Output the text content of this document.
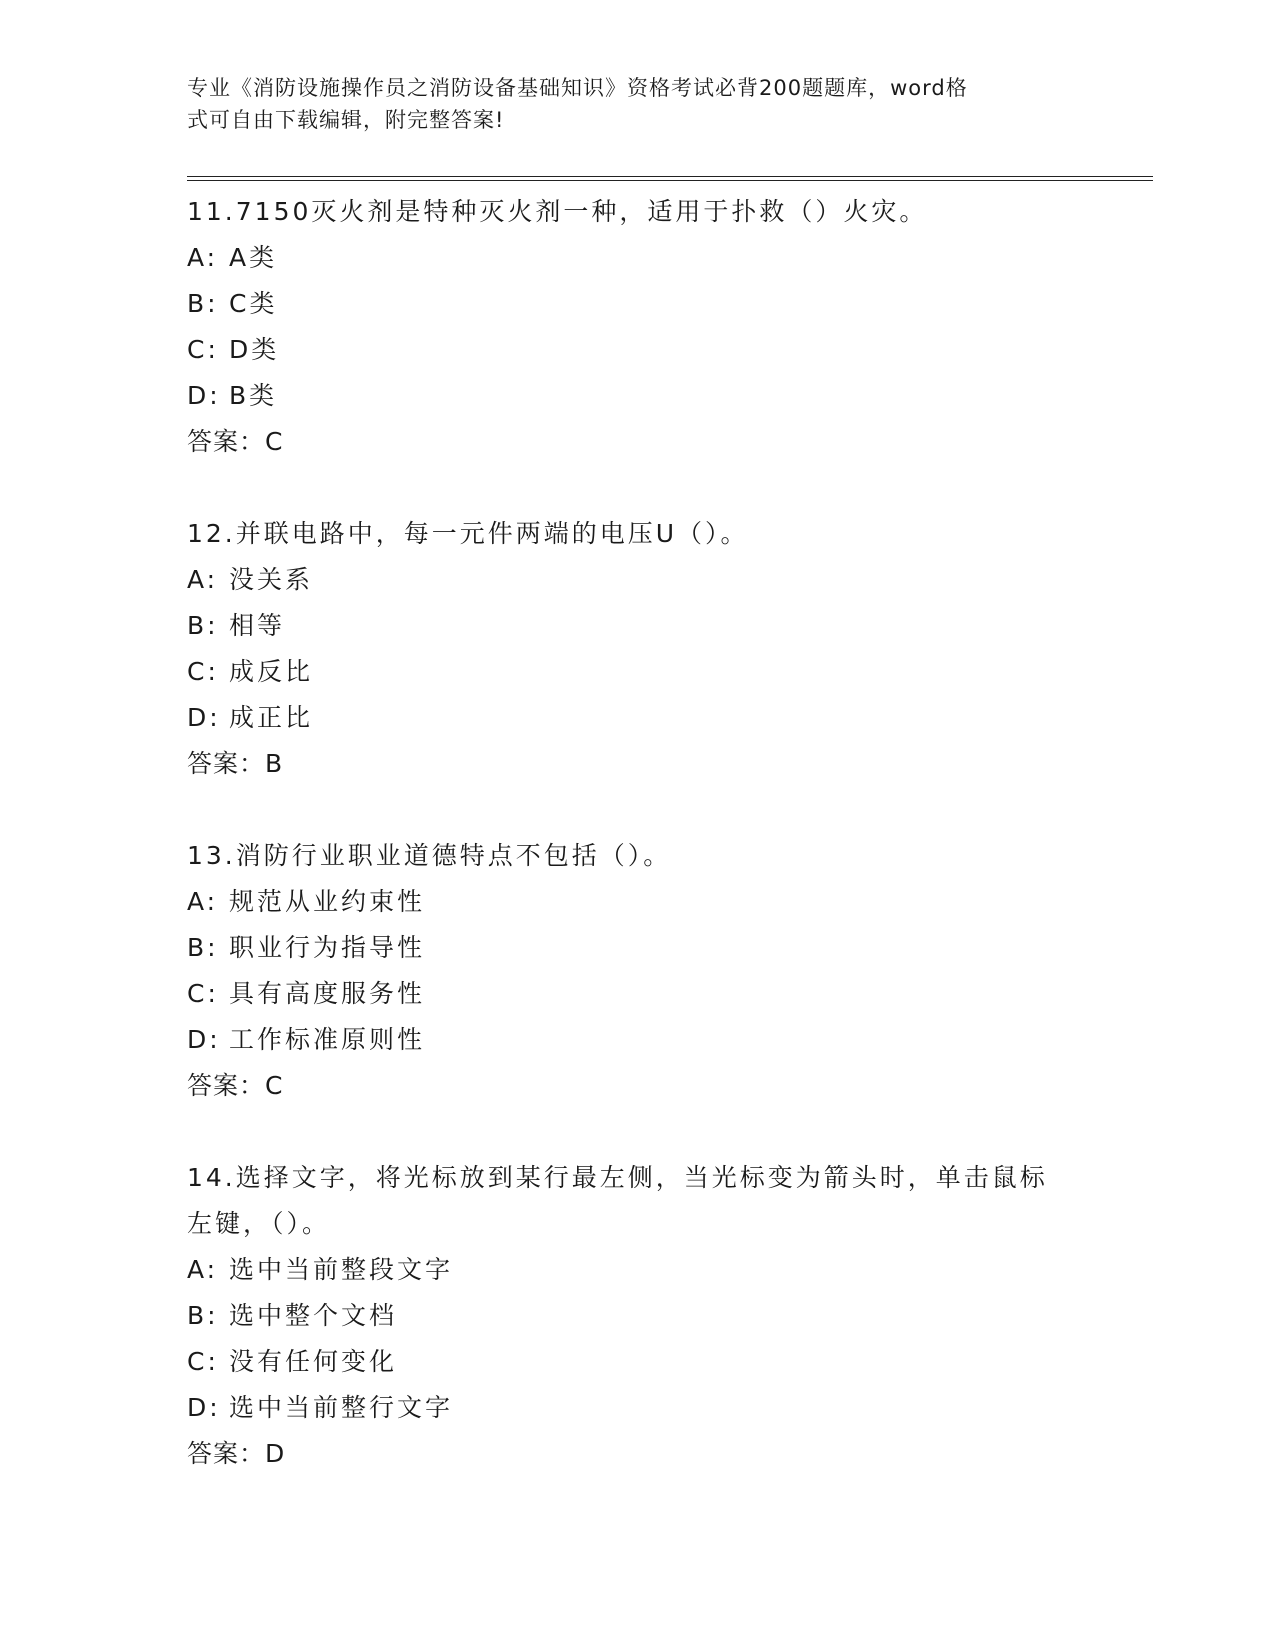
专业《消防设施操作员之消防设备基础知识》资格考试必背200题题库，word格
式可自由下载编辑，附完整答案!
11.7150灭火剂是特种灭火剂一种，适用于扑救（）火灾。
A: A类
B: C类
C: D类
D: B类
答案：C
12.并联电路中，每一元件两端的电压U（）。
A: 没关系
B: 相等
C: 成反比
D: 成正比
答案：B
13.消防行业职业道德特点不包括（）。
A: 规范从业约束性
B: 职业行为指导性
C: 具有高度服务性
D: 工作标准原则性
答案：C
14.选择文字，将光标放到某行最左侧，当光标变为箭头时，单击鼠标
左键，（）。
A: 选中当前整段文字
B: 选中整个文档
C: 没有任何变化
D: 选中当前整行文字
答案：D
